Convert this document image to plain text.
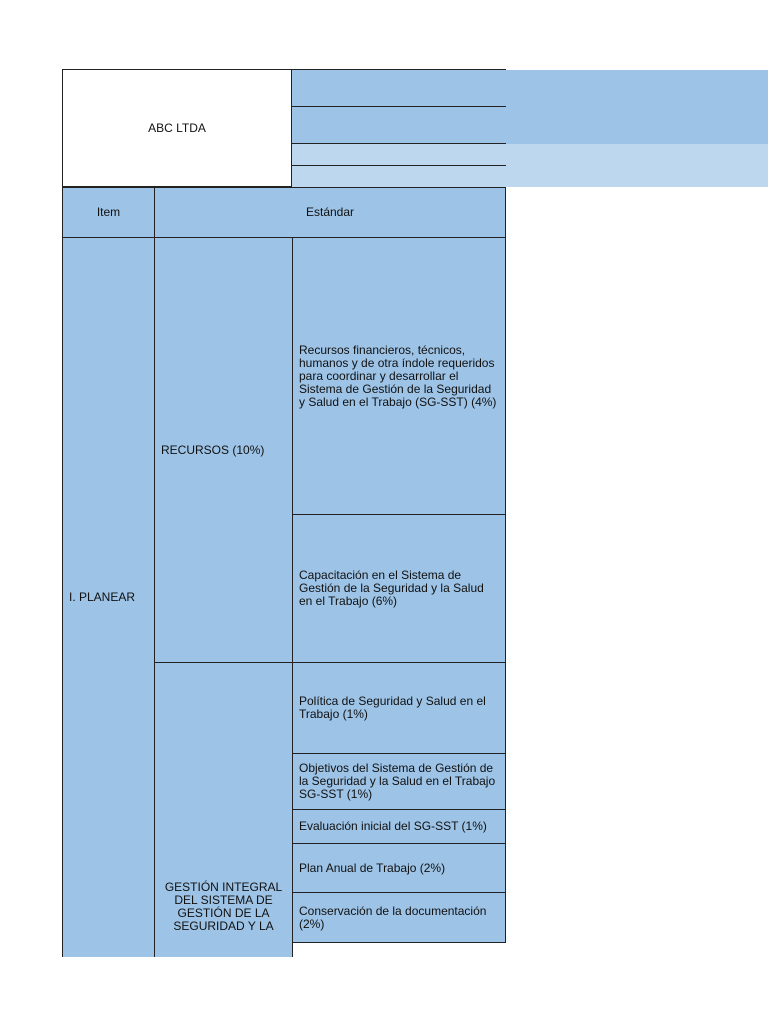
ABC LTDA
Item	Estándar
I. PLANEAR
RECURSOS (10%)
GESTIÓN INTEGRAL DEL SISTEMA DE GESTIÓN DE LA SEGURIDAD Y LA
Recursos financieros, técnicos, humanos y de otra índole requeridos para coordinar y desarrollar el Sistema de Gestión de la Seguridad y Salud en el Trabajo (SG-SST) (4%)
Capacitación en el Sistema de Gestión de la Seguridad y la Salud en el Trabajo (6%)
Política de Seguridad y Salud en el Trabajo (1%)
Objetivos del Sistema de Gestión de la Seguridad y la Salud en el Trabajo SG-SST (1%)
Evaluación inicial del SG-SST (1%)
Plan Anual de Trabajo (2%)
Conservación de la documentación (2%)
